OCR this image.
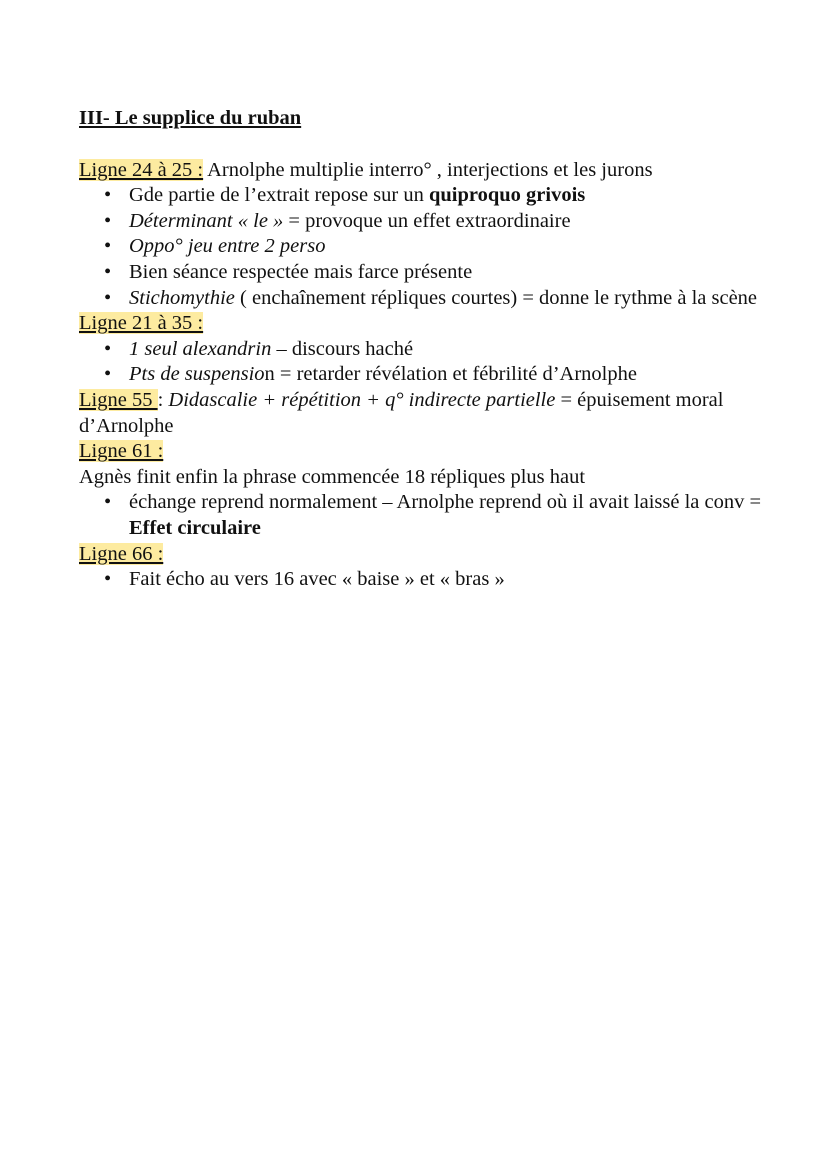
III- Le supplice du ruban

Ligne 24 à 25 : Arnolphe multiplie interro° , interjections et les jurons

• Gde partie de l’extrait repose sur un quiproquo grivois
• Déterminant « le » = provoque un effet extraordinaire
• Oppo° jeu entre 2 perso
• Bien séance respectée mais farce présente
• Stichomythie ( enchaînement répliques courtes) = donne le rythme à la scène

Ligne 21 à 35 :

• 1 seul alexandrin – discours haché
• Pts de suspension = retarder révélation et fébrilité d’Arnolphe

Ligne 55 : Didascalie + répétition + q° indirecte partielle = épuisement moral d’Arnolphe

Ligne 61 :

Agnès finit enfin la phrase commencée 18 répliques plus haut

• échange reprend normalement – Arnolphe reprend où il avait laissé la conv = Effet circulaire

Ligne 66 :

• Fait écho au vers 16 avec « baise » et « bras »
